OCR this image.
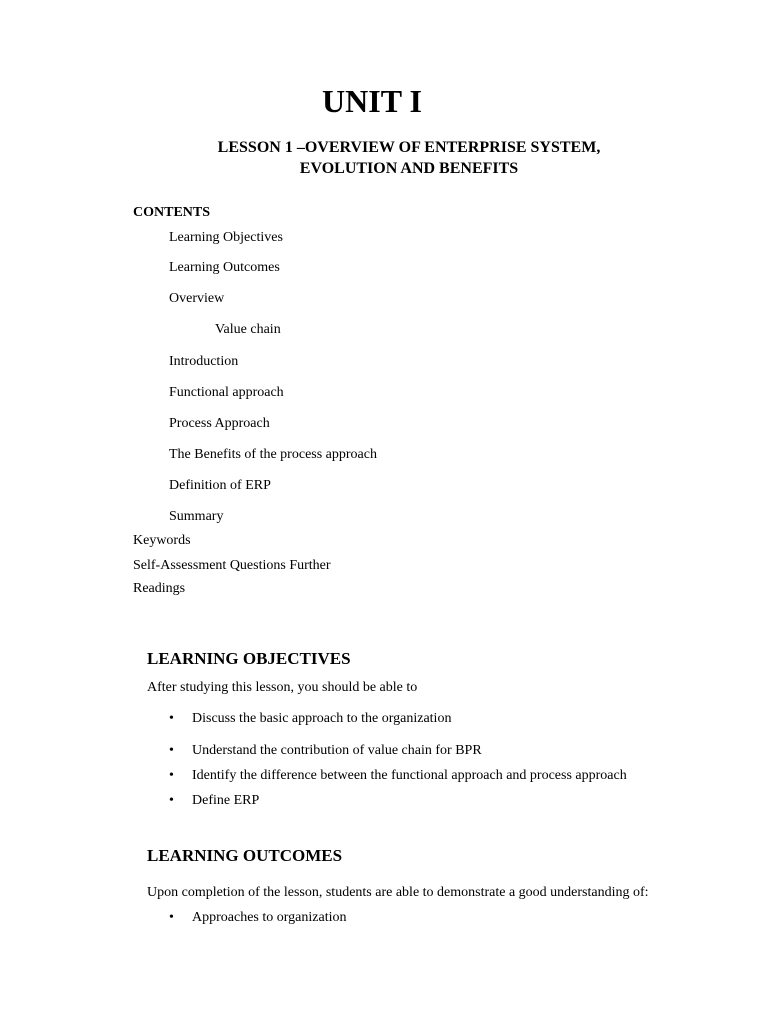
UNIT I
LESSON 1 –OVERVIEW OF ENTERPRISE SYSTEM,
EVOLUTION AND BENEFITS
CONTENTS
Learning Objectives
Learning Outcomes
Overview
Value chain
Introduction
Functional approach
Process Approach
The Benefits of the process approach
Definition of ERP
Summary
Keywords
Self-Assessment Questions Further
Readings
LEARNING OBJECTIVES
After studying this lesson, you should be able to
• Discuss the basic approach to the organization
• Understand the contribution of value chain for BPR
• Identify the difference between the functional approach and process approach
• Define ERP
LEARNING OUTCOMES
Upon completion of the lesson, students are able to demonstrate a good understanding of:
• Approaches to organization
